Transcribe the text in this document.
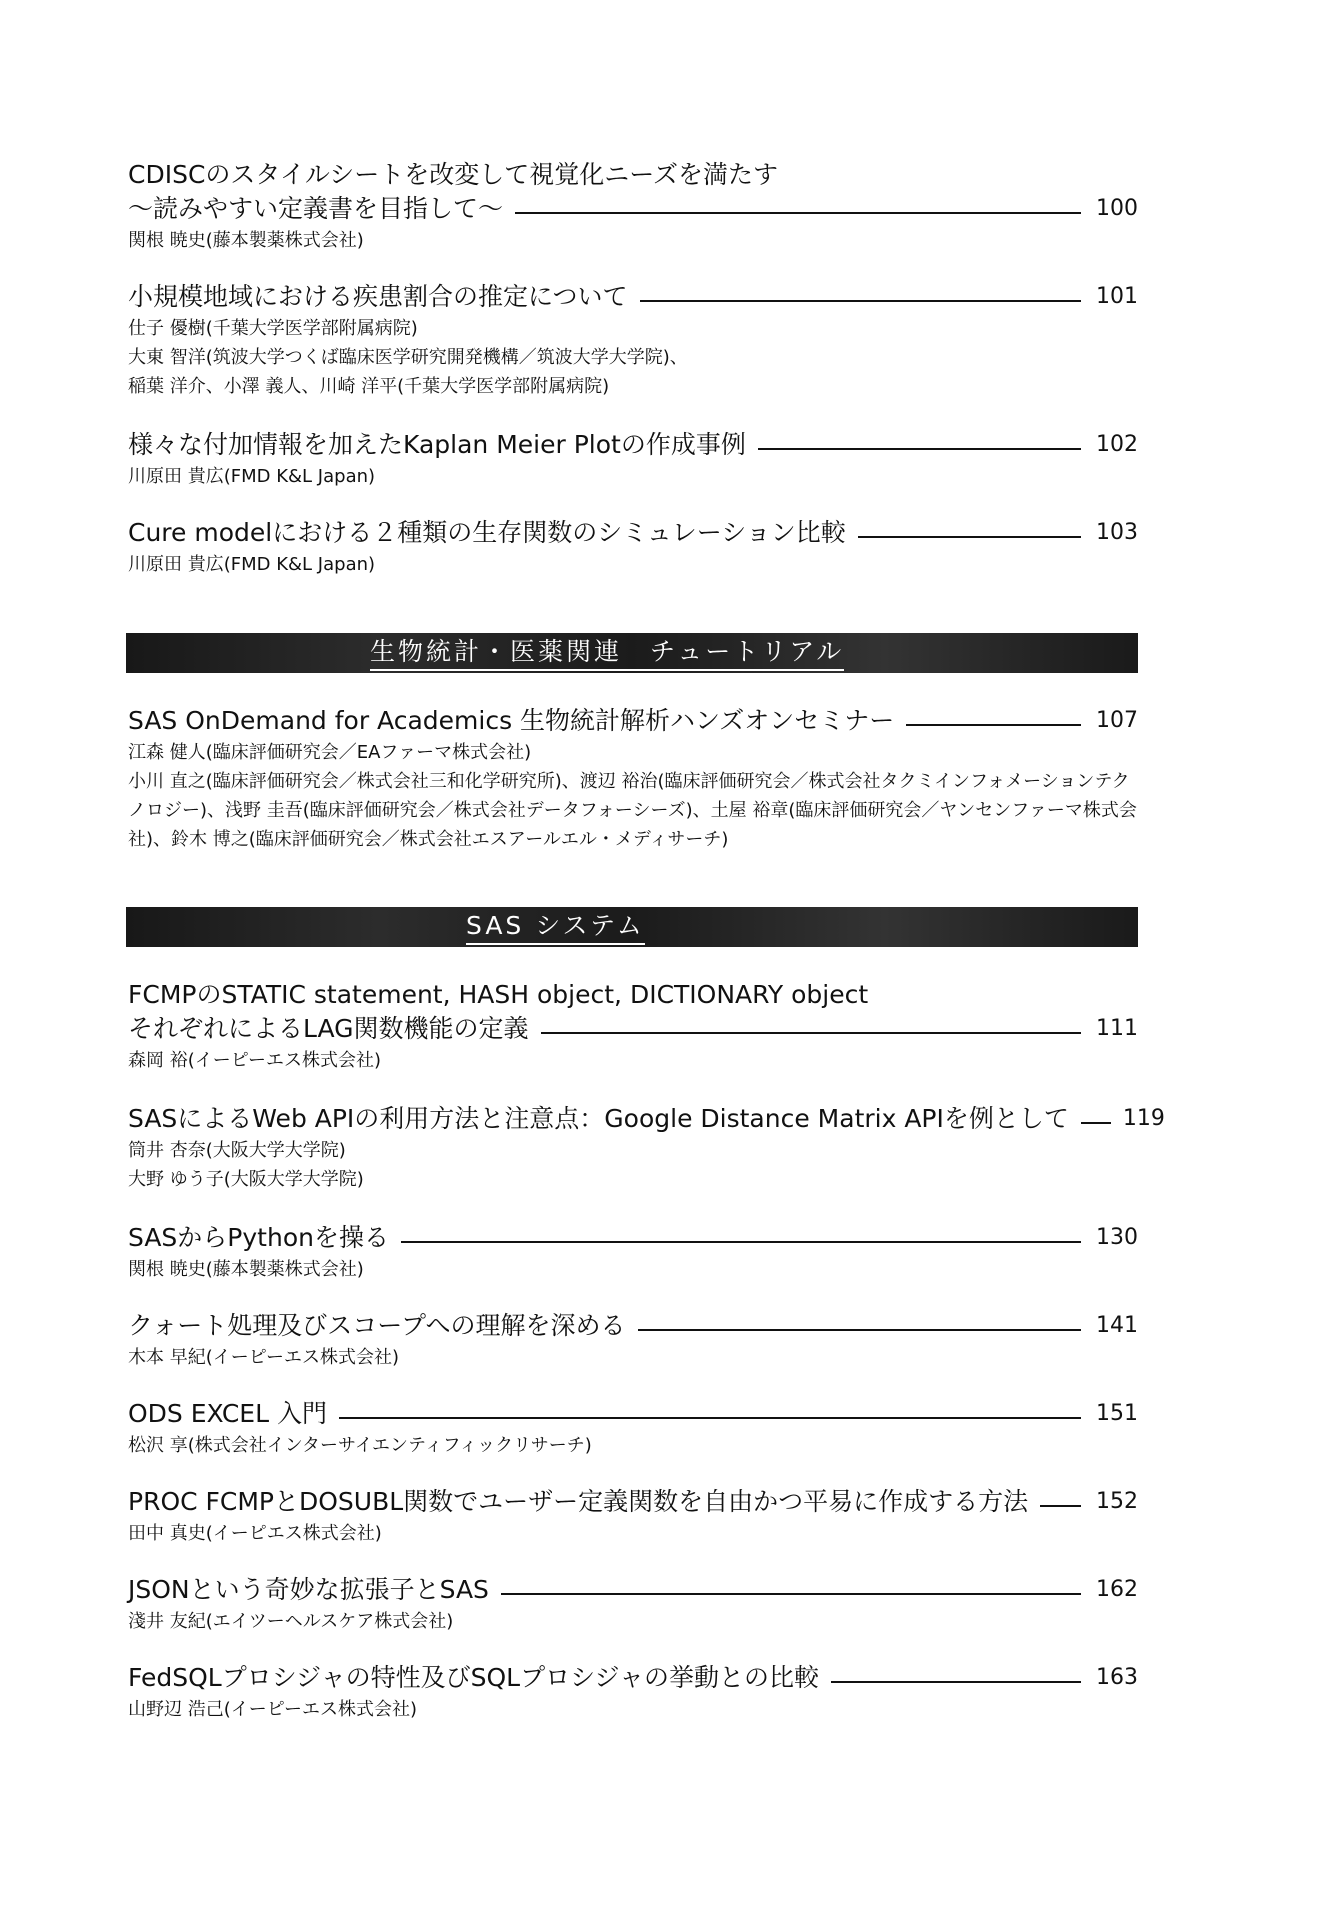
CDISCのスタイルシートを改変して視覚化ニーズを満たす
～読みやすい定義書を目指して～	100
関根 暁史(藤本製薬株式会社)
小規模地域における疾患割合の推定について	101
仕子 優樹(千葉大学医学部附属病院)
大東 智洋(筑波大学つくば臨床医学研究開発機構／筑波大学大学院)、
稲葉 洋介、小澤 義人、川崎 洋平(千葉大学医学部附属病院)
様々な付加情報を加えたKaplan Meier Plotの作成事例	102
川原田 貴広(FMD K&L Japan)
Cure modelにおける２種類の生存関数のシミュレーション比較	103
川原田 貴広(FMD K&L Japan)
生物統計・医薬関連　チュートリアル
SAS OnDemand for Academics 生物統計解析ハンズオンセミナー	107
江森 健人(臨床評価研究会／EAファーマ株式会社)
小川 直之(臨床評価研究会／株式会社三和化学研究所)、渡辺 裕治(臨床評価研究会／株式会社タクミインフォメーションテクノロジー)、浅野 圭吾(臨床評価研究会／株式会社データフォーシーズ)、土屋 裕章(臨床評価研究会／ヤンセンファーマ株式会社)、鈴木 博之(臨床評価研究会／株式会社エスアールエル・メディサーチ)
SAS システム
FCMPのSTATIC statement, HASH object, DICTIONARY object
それぞれによるLAG関数機能の定義	111
森岡 裕(イーピーエス株式会社)
SASによるWeb APIの利用方法と注意点：Google Distance Matrix APIを例として 119
筒井 杏奈(大阪大学大学院)
大野 ゆう子(大阪大学大学院)
SASからPythonを操る	130
関根 暁史(藤本製薬株式会社)
クォート処理及びスコープへの理解を深める	141
木本 早紀(イーピーエス株式会社)
ODS EXCEL 入門	151
松沢 享(株式会社インターサイエンティフィックリサーチ)
PROC FCMPとDOSUBL関数でユーザー定義関数を自由かつ平易に作成する方法	152
田中 真史(イーピエス株式会社)
JSONという奇妙な拡張子とSAS	162
淺井 友紀(エイツーヘルスケア株式会社)
FedSQLプロシジャの特性及びSQLプロシジャの挙動との比較	163
山野辺 浩己(イーピーエス株式会社)
